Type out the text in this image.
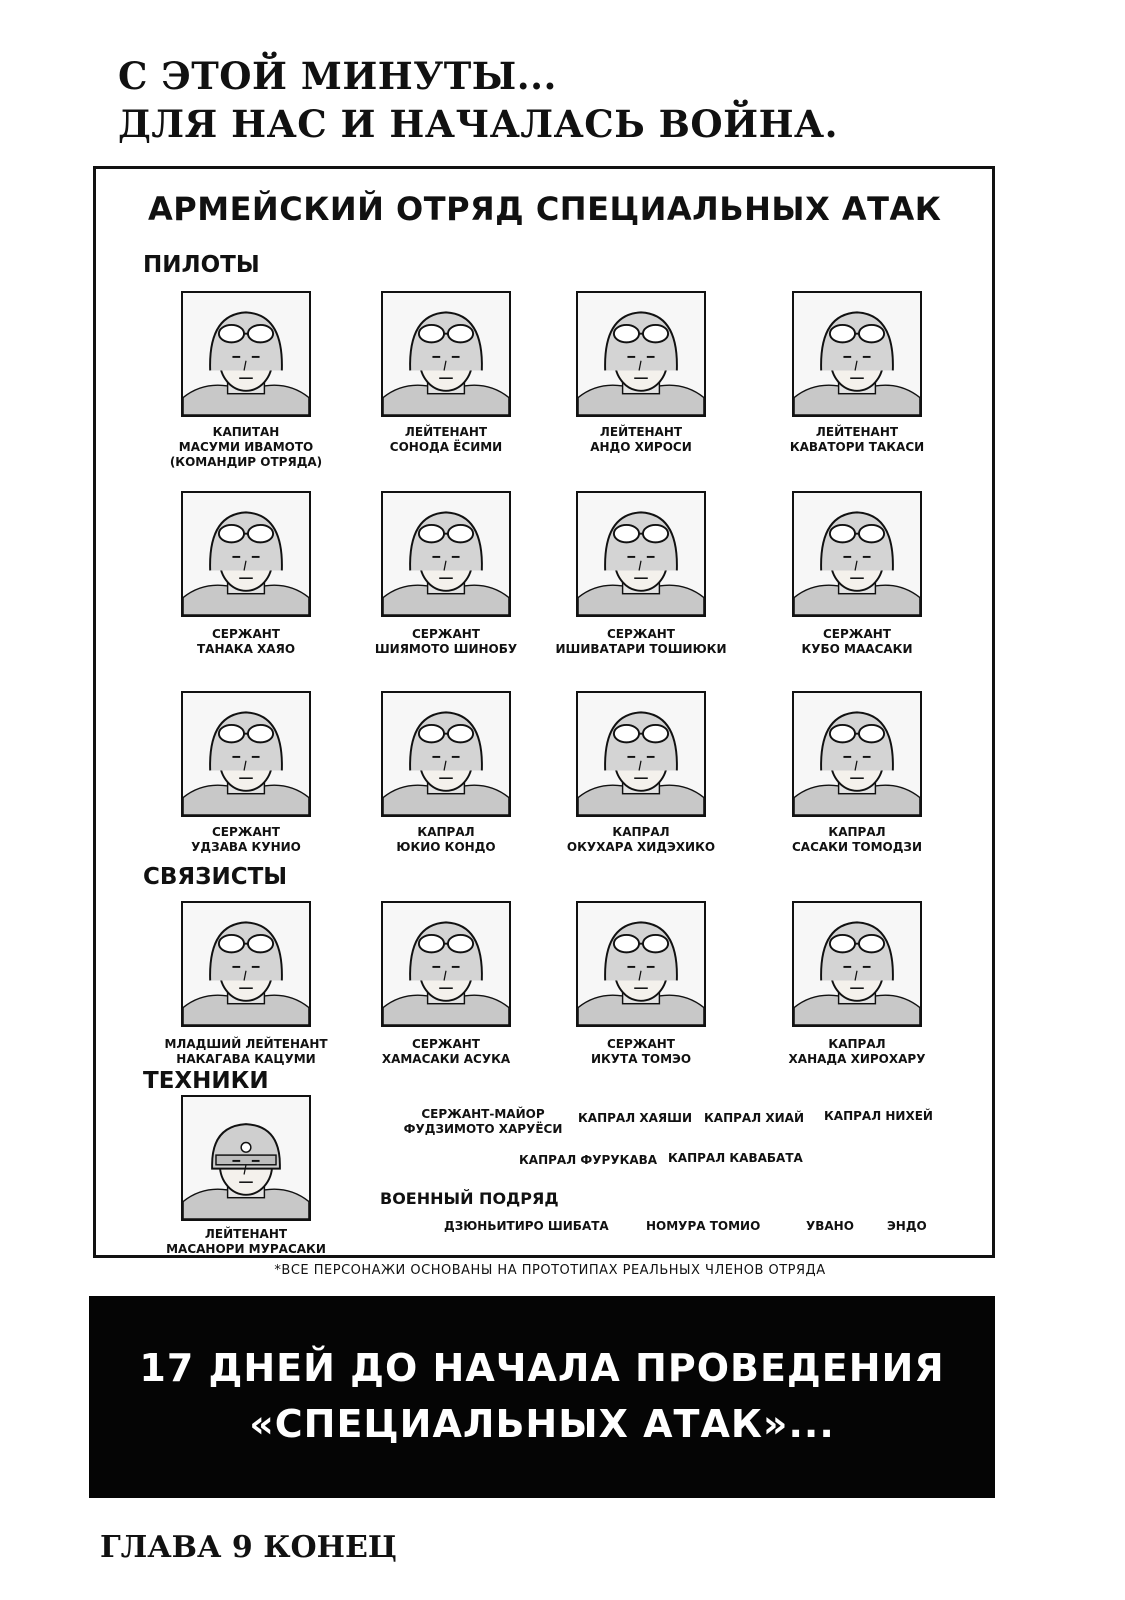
С ЭТОЙ МИНУТЫ...
ДЛЯ НАС И НАЧАЛАСЬ ВОЙНА.
АРМЕЙСКИЙ ОТРЯД СПЕЦИАЛЬНЫХ АТАК
ПИЛОТЫ
СВЯЗИСТЫ
ТЕХНИКИ
КАПИТАН
МАСУМИ ИВАМОТО
(КОМАНДИР ОТРЯДА)
ЛЕЙТЕНАНТ
СОНОДА ЁСИМИ
ЛЕЙТЕНАНТ
АНДО ХИРОСИ
ЛЕЙТЕНАНТ
КАВАТОРИ ТАКАСИ
СЕРЖАНТ
ТАНАКА ХАЯО
СЕРЖАНТ
ШИЯМОТО ШИНОБУ
СЕРЖАНТ
ИШИВАТАРИ ТОШИЮКИ
СЕРЖАНТ
КУБО МААСАКИ
СЕРЖАНТ
УДЗАВА КУНИО
КАПРАЛ
ЮКИО КОНДО
КАПРАЛ
ОКУХАРА ХИДЭХИКО
КАПРАЛ
САСАКИ ТОМОДЗИ
МЛАДШИЙ ЛЕЙТЕНАНТ
НАКАГАВА КАЦУМИ
СЕРЖАНТ
ХАМАСАКИ АСУКА
СЕРЖАНТ
ИКУТА ТОМЭО
КАПРАЛ
ХАНАДА ХИРОХАРУ
ЛЕЙТЕНАНТ
МАСАНОРИ МУРАСАКИ
СЕРЖАНТ-МАЙОР
ФУДЗИМОТО ХАРУЁСИ
КАПРАЛ ХАЯШИ КАПРАЛ ХИАЙ КАПРАЛ НИХЕЙ
КАПРАЛ ФУРУКАВА КАПРАЛ КАВАБАТА
ВОЕННЫЙ ПОДРЯД
ДЗЮНЬИТИРО ШИБАТА	НОМУРА ТОМИО	УВАНО	ЭНДО
*ВСЕ ПЕРСОНАЖИ ОСНОВАНЫ НА ПРОТОТИПАХ РЕАЛЬНЫХ ЧЛЕНОВ ОТРЯДА
17 ДНЕЙ ДО НАЧАЛА ПРОВЕДЕНИЯ
«СПЕЦИАЛЬНЫХ АТАК»...
ГЛАВА 9 КОНЕЦ
